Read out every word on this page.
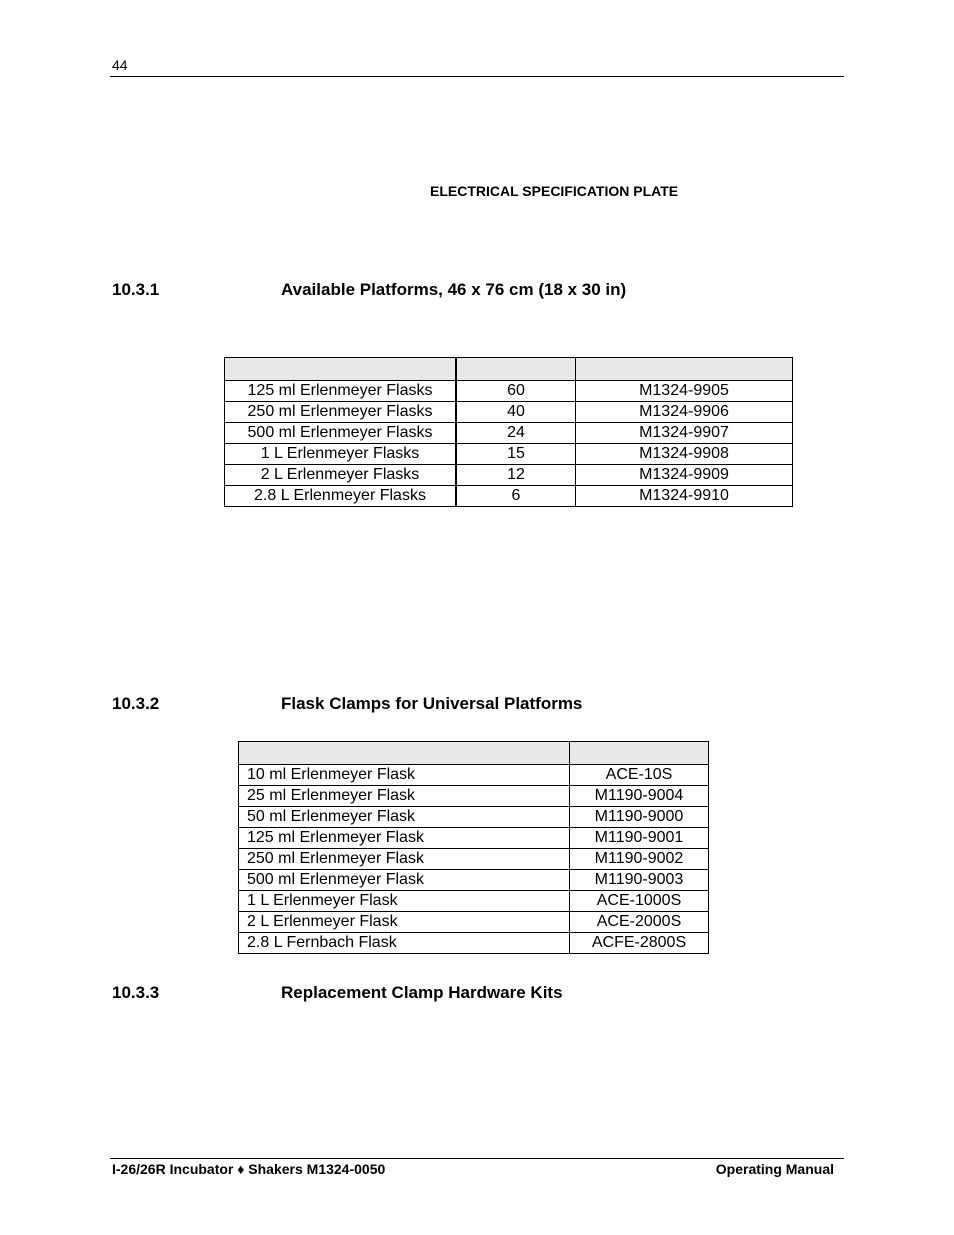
44
ELECTRICAL SPECIFICATION PLATE
10.3.1	Available Platforms, 46 x 76 cm (18 x 30 in)

125 ml Erlenmeyer Flasks	60	M1324-9905
250 ml Erlenmeyer Flasks	40	M1324-9906
500 ml Erlenmeyer Flasks	24	M1324-9907
1 L Erlenmeyer Flasks	15	M1324-9908
2 L Erlenmeyer Flasks	12	M1324-9909
2.8 L Erlenmeyer Flasks	6	M1324-9910
10.3.2	Flask Clamps for Universal Platforms

10 ml Erlenmeyer Flask	ACE-10S
25 ml Erlenmeyer Flask	M1190-9004
50 ml Erlenmeyer Flask	M1190-9000
125 ml Erlenmeyer Flask	M1190-9001
250 ml Erlenmeyer Flask	M1190-9002
500 ml Erlenmeyer Flask	M1190-9003
1 L Erlenmeyer Flask	ACE-1000S
2 L Erlenmeyer Flask	ACE-2000S
2.8 L Fernbach Flask	ACFE-2800S
10.3.3	Replacement Clamp Hardware Kits
I-26/26R Incubator ♦ Shakers M1324-0050	Operating Manual
